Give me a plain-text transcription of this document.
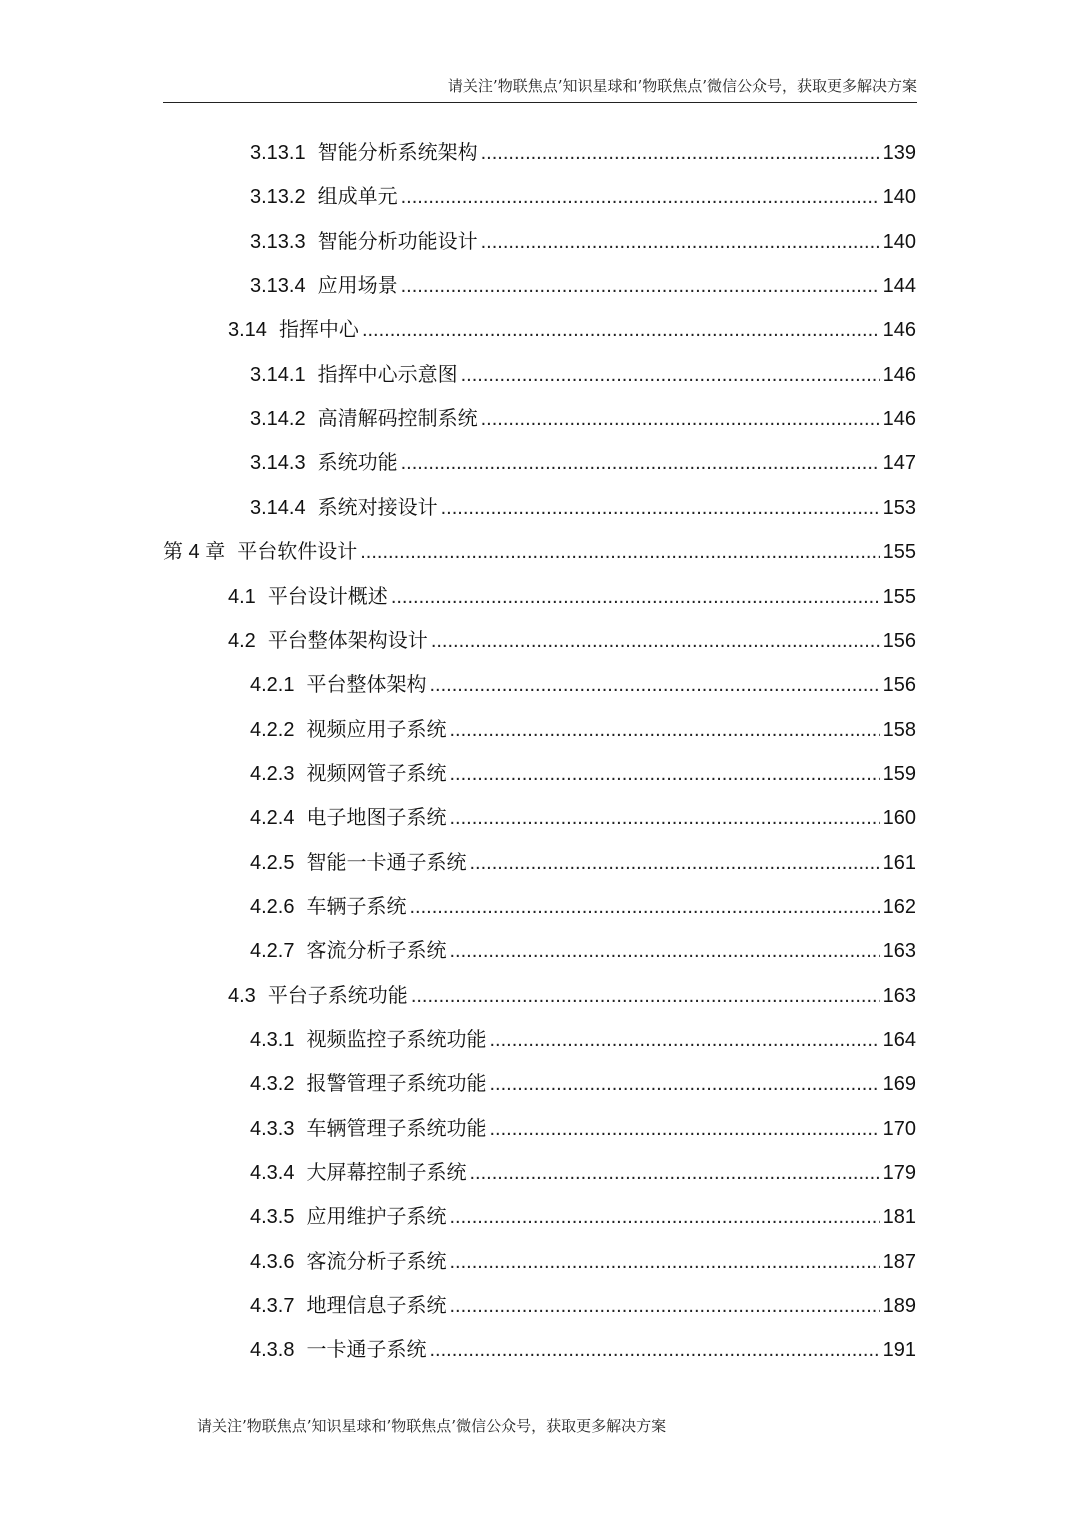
请关注’物联焦点’知识星球和’物联焦点’微信公众号，获取更多解决方案
3.13.1 智能分析系统架构 .....	139
3.13.2 组成单元 .....	140
3.13.3 智能分析功能设计 .....	140
3.13.4 应用场景 .....	144
3.14 指挥中心 .....	146
3.14.1 指挥中心示意图 .....	146
3.14.2 高清解码控制系统 .....	146
3.14.3 系统功能 .....	147
3.14.4 系统对接设计 .....	153
第 4 章 平台软件设计 .....	155
4.1 平台设计概述 .....	155
4.2 平台整体架构设计 .....	156
4.2.1 平台整体架构 .....	156
4.2.2 视频应用子系统 .....	158
4.2.3 视频网管子系统 .....	159
4.2.4 电子地图子系统 .....	160
4.2.5 智能一卡通子系统 .....	161
4.2.6 车辆子系统 .....	162
4.2.7 客流分析子系统 .....	163
4.3 平台子系统功能 .....	163
4.3.1 视频监控子系统功能 .....	164
4.3.2 报警管理子系统功能 .....	169
4.3.3 车辆管理子系统功能 .....	170
4.3.4 大屏幕控制子系统 .....	179
4.3.5 应用维护子系统 .....	181
4.3.6 客流分析子系统 .....	187
4.3.7 地理信息子系统 .....	189
4.3.8 一卡通子系统 .....	191
请关注’物联焦点’知识星球和’物联焦点’微信公众号，获取更多解决方案
